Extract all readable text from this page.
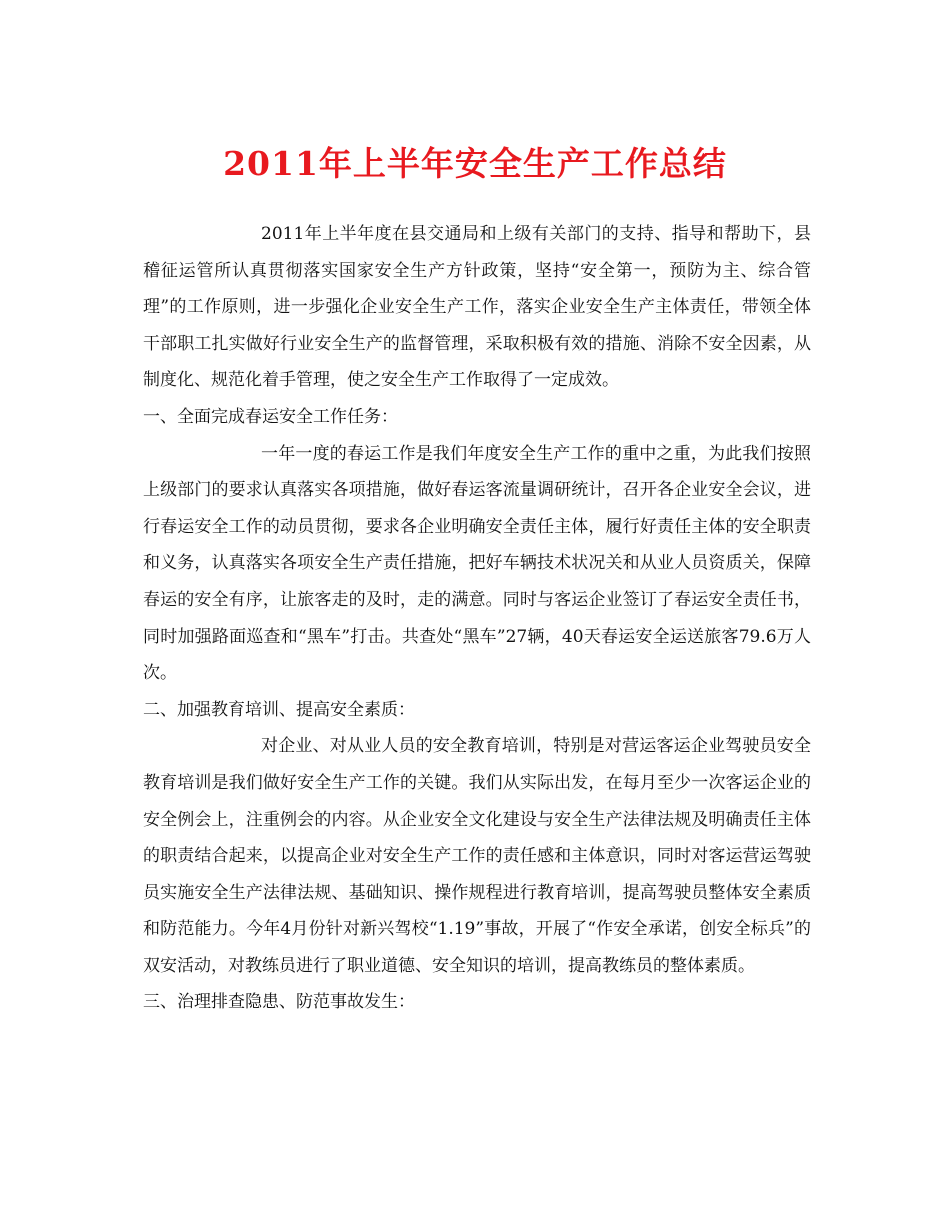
2011年上半年安全生产工作总结

2011年上半年度在县交通局和上级有关部门的支持、指导和帮助下，县稽征运管所认真贯彻落实国家安全生产方针政策，坚持“安全第一，预防为主、综合管理”的工作原则，进一步强化企业安全生产工作，落实企业安全生产主体责任，带领全体干部职工扎实做好行业安全生产的监督管理，采取积极有效的措施、消除不安全因素，从制度化、规范化着手管理，使之安全生产工作取得了一定成效。

一、全面完成春运安全工作任务：

一年一度的春运工作是我们年度安全生产工作的重中之重，为此我们按照上级部门的要求认真落实各项措施，做好春运客流量调研统计，召开各企业安全会议，进行春运安全工作的动员贯彻，要求各企业明确安全责任主体，履行好责任主体的安全职责和义务，认真落实各项安全生产责任措施，把好车辆技术状况关和从业人员资质关，保障春运的安全有序，让旅客走的及时，走的满意。同时与客运企业签订了春运安全责任书，同时加强路面巡查和“黑车”打击。共查处“黑车”27辆，40天春运安全运送旅客79.6万人次。

二、加强教育培训、提高安全素质：

对企业、对从业人员的安全教育培训，特别是对营运客运企业驾驶员安全教育培训是我们做好安全生产工作的关键。我们从实际出发，在每月至少一次客运企业的安全例会上，注重例会的内容。从企业安全文化建设与安全生产法律法规及明确责任主体的职责结合起来，以提高企业对安全生产工作的责任感和主体意识，同时对客运营运驾驶员实施安全生产法律法规、基础知识、操作规程进行教育培训，提高驾驶员整体安全素质和防范能力。今年4月份针对新兴驾校“1.19”事故，开展了“作安全承诺，创安全标兵”的双安活动，对教练员进行了职业道德、安全知识的培训，提高教练员的整体素质。

三、治理排查隐患、防范事故发生：
